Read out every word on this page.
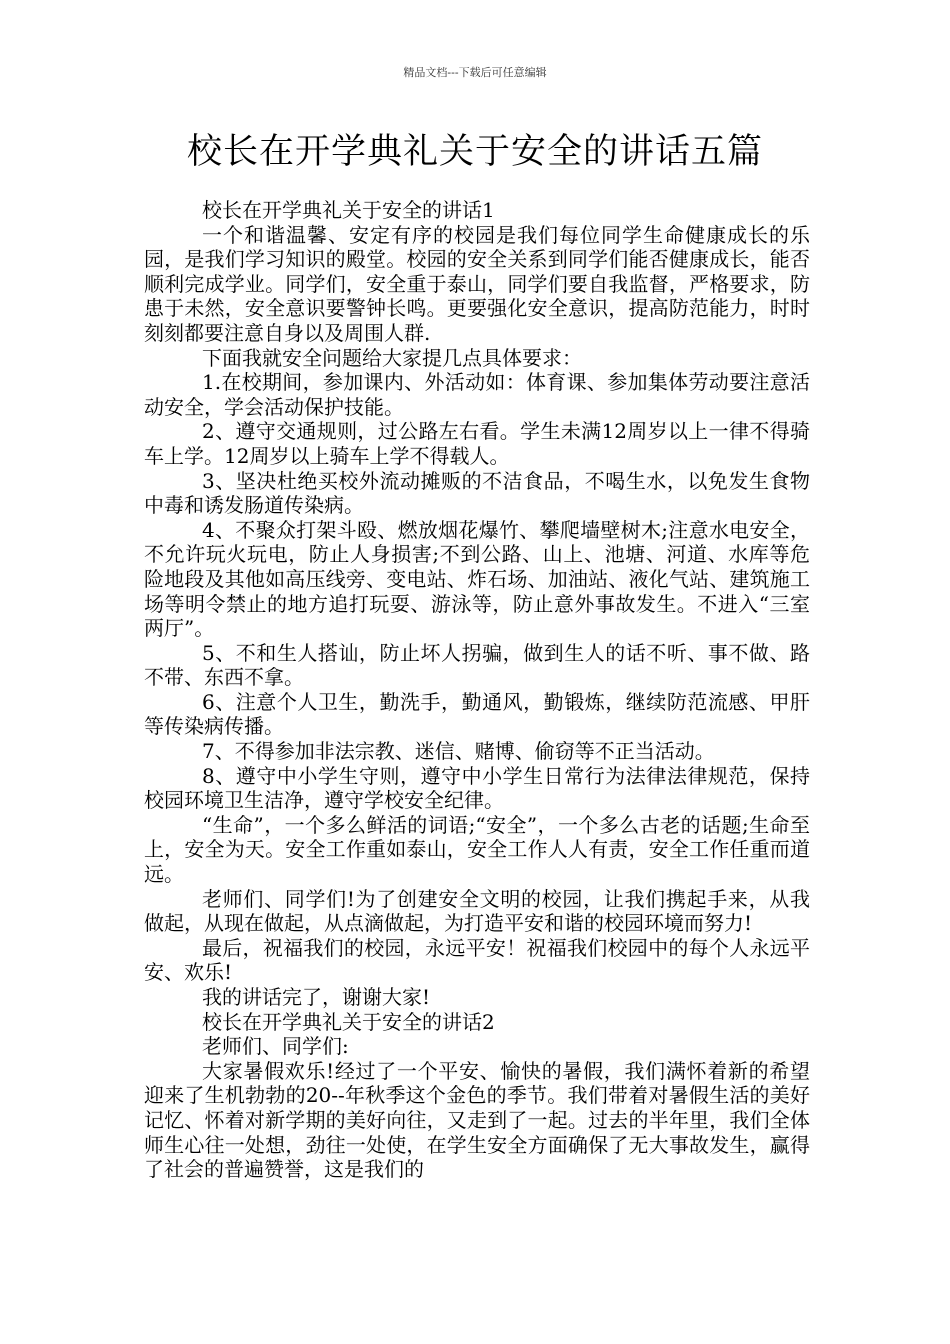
精品文档---下载后可任意编辑
校长在开学典礼关于安全的讲话五篇

校长在开学典礼关于安全的讲话1

一个和谐温馨、安定有序的校园是我们每位同学生命健康成长的乐园，是我们学习知识的殿堂。校园的安全关系到同学们能否健康成长，能否顺利完成学业。同学们，安全重于泰山，同学们要自我监督，严格要求，防患于未然，安全意识要警钟长鸣。更要强化安全意识，提高防范能力，时时刻刻都要注意自身以及周围人群.

下面我就安全问题给大家提几点具体要求：

1.在校期间，参加课内、外活动如：体育课、参加集体劳动要注意活动安全，学会活动保护技能。

2、遵守交通规则，过公路左右看。学生未满12周岁以上一律不得骑车上学。12周岁以上骑车上学不得载人。

3、坚决杜绝买校外流动摊贩的不洁食品，不喝生水，以免发生食物中毒和诱发肠道传染病。

4、不聚众打架斗殴、燃放烟花爆竹、攀爬墙壁树木;注意水电安全，不允许玩火玩电，防止人身损害;不到公路、山上、池塘、河道、水库等危险地段及其他如高压线旁、变电站、炸石场、加油站、液化气站、建筑施工场等明令禁止的地方追打玩耍、游泳等，防止意外事故发生。不进入“三室两厅”。

5、不和生人搭讪，防止坏人拐骗，做到生人的话不听、事不做、路不带、东西不拿。

6、注意个人卫生，勤洗手，勤通风，勤锻炼，继续防范流感、甲肝等传染病传播。

7、不得参加非法宗教、迷信、赌博、偷窃等不正当活动。

8、遵守中小学生守则，遵守中小学生日常行为法律法律规范，保持校园环境卫生洁净，遵守学校安全纪律。

“生命”，一个多么鲜活的词语;“安全”，一个多么古老的话题;生命至上，安全为天。安全工作重如泰山，安全工作人人有责，安全工作任重而道远。

老师们、同学们!为了创建安全文明的校园，让我们携起手来，从我做起，从现在做起，从点滴做起，为打造平安和谐的校园环境而努力!

最后，祝福我们的校园，永远平安！祝福我们校园中的每个人永远平安、欢乐!

我的讲话完了，谢谢大家!

校长在开学典礼关于安全的讲话2

老师们、同学们:

大家暑假欢乐!经过了一个平安、愉快的暑假，我们满怀着新的希望迎来了生机勃勃的20--年秋季这个金色的季节。我们带着对暑假生活的美好记忆、怀着对新学期的美好向往，又走到了一起。过去的半年里，我们全体师生心往一处想，劲往一处使，在学生安全方面确保了无大事故发生，赢得了社会的普遍赞誉，这是我们的
